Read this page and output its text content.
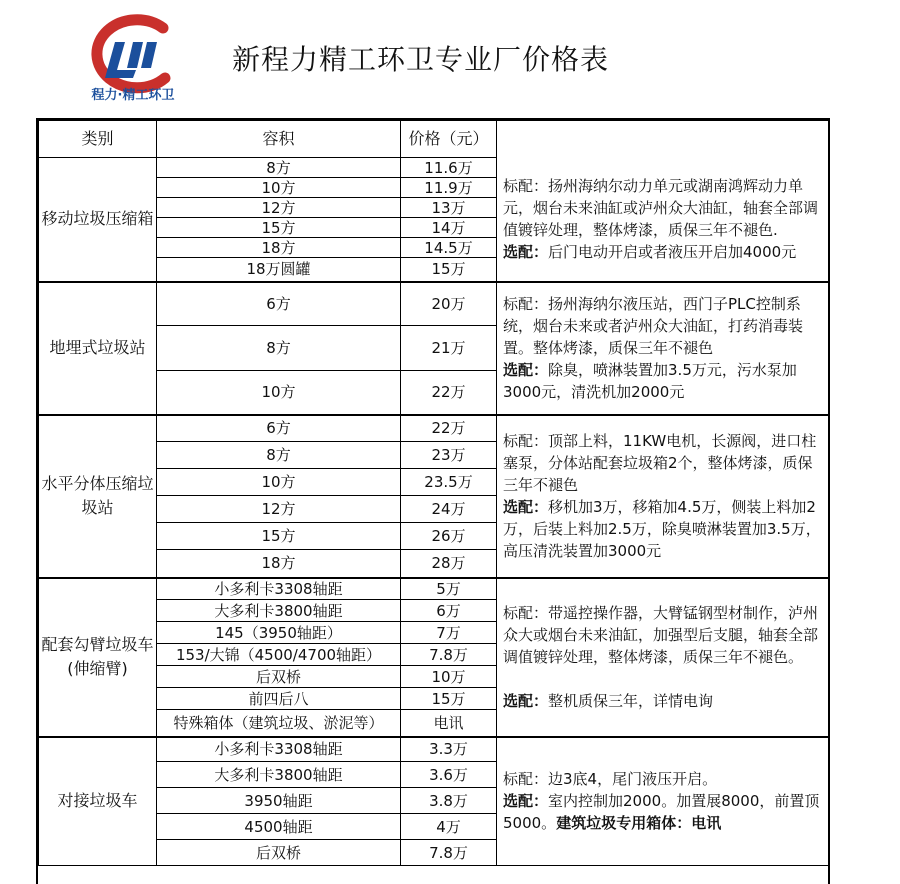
程力·精工环卫
新程力精工环卫专业厂价格表
类别	容积	价格（元）	
移动垃圾压缩箱	8方	11.6万	标配：扬州海纳尔动力单元或湖南鸿辉动力单元，烟台未来油缸或泸州众大油缸，轴套全部调值镀锌处理，整体烤漆，质保三年不褪色.
选配：后门电动开启或者液压开启加4000元
	10方	11.9万	
	12方	13万	
	15方	14万	
	18方	14.5万	
	18万圆罐	15万	
地埋式垃圾站	6方	20万	标配：扬州海纳尔液压站，西门子PLC控制系统，烟台未来或者泸州众大油缸，打药消毒装置。整体烤漆，质保三年不褪色
选配：除臭，喷淋装置加3.5万元，污水泵加3000元，清洗机加2000元
	8方	21万	
	10方	22万	
水平分体压缩垃圾站	6方	22万	标配：顶部上料，11KW电机，长源阀，进口柱塞泵，分体站配套垃圾箱2个，整体烤漆，质保三年不褪色
选配：移机加3万，移箱加4.5万，侧装上料加2万，后装上料加2.5万，除臭喷淋装置加3.5万，高压清洗装置加3000元
	8方	23万	
	10方	23.5万	
	12方	24万	
	15方	26万	
	18方	28万	
配套勾臂垃圾车(伸缩臂)	小多利卡3308轴距	5万	标配：带遥控操作器，大臂锰钢型材制作，泸州众大或烟台未来油缸，加强型后支腿，轴套全部调值镀锌处理，整体烤漆，质保三年不褪色。

选配：整机质保三年，详情电询
	大多利卡3800轴距	6万	
	145（3950轴距）	7万	
	153/大锦（4500/4700轴距）	7.8万	
	后双桥	10万	
	前四后八	15万	
	特殊箱体（建筑垃圾、淤泥等）	电讯	
对接垃圾车	小多利卡3308轴距	3.3万	标配：边3底4，尾门液压开启。
选配：室内控制加2000。加置展8000，前置顶5000。建筑垃圾专用箱体：电讯
	大多利卡3800轴距	3.6万	
	3950轴距	3.8万	
	4500轴距	4万	
	后双桥	7.8万	
